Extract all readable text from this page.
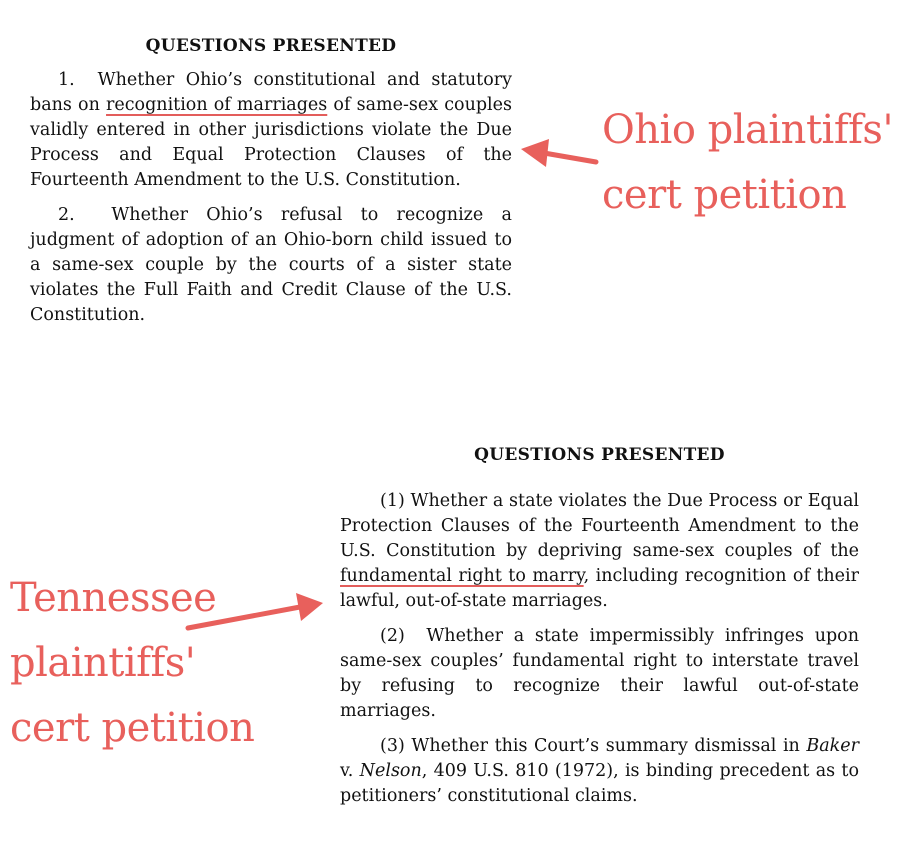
QUESTIONS PRESENTED

1.  Whether Ohio’s constitutional and statutory bans on recognition of marriages of same-sex couples validly entered in other jurisdictions violate the Due Process and Equal Protection Clauses of the Fourteenth Amendment to the U.S. Constitution.

2.  Whether Ohio’s refusal to recognize a judgment of adoption of an Ohio-born child issued to a same-sex couple by the courts of a sister state violates the Full Faith and Credit Clause of the U.S. Constitution.

QUESTIONS PRESENTED

(1) Whether a state violates the Due Process or Equal Protection Clauses of the Fourteenth Amendment to the U.S. Constitution by depriving same-sex couples of the fundamental right to marry, including recognition of their lawful, out-of-state marriages.

(2)  Whether a state impermissibly infringes upon same-sex couples’ fundamental right to interstate travel by refusing to recognize their lawful out-of-state marriages.

(3) Whether this Court’s summary dismissal in Baker v. Nelson, 409 U.S. 810 (1972), is binding precedent as to petitioners’ constitutional claims.

Ohio plaintiffs'
cert petition
Tennessee
plaintiffs'
cert petition
